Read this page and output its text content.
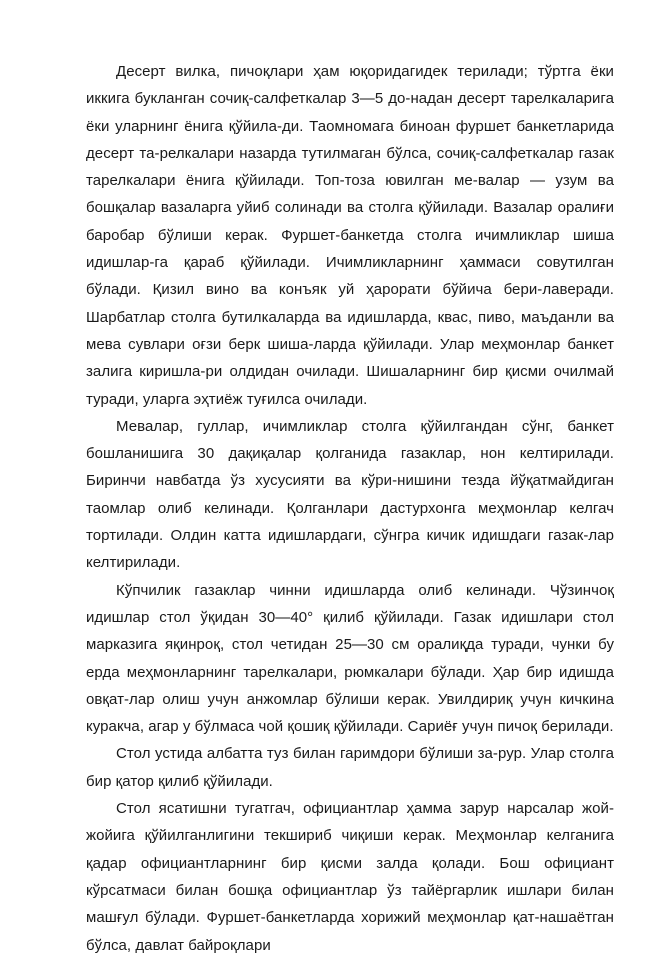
Десерт вилка, пичоқлари ҳам юқоридагидек терилади; тўртга ёки иккига букланган сочиқ-салфеткалар 3—5 до-надан десерт тарелкаларига ёки уларнинг ёнига қўйила-ди. Таомномага биноан фуршет банкетларида десерт та-релкалари назарда тутилмаган бўлса, сочиқ-салфеткалар газак тарелкалари ёнига қўйилади. Топ-тоза ювилган ме-валар — узум ва бошқалар вазаларга уйиб солинади ва столга қўйилади. Вазалар оралиғи баробар бўлиши керак. Фуршет-банкетда столга ичимликлар шиша идишлар-га қараб қўйилади. Ичимликларнинг ҳаммаси совутилган бўлади. Қизил вино ва конъяк уй ҳарорати бўйича бери-лаверади. Шарбатлар столга бутилкаларда ва идишларда, квас, пиво, маъданли ва мева сувлари оғзи берк шиша-ларда қўйилади. Улар меҳмонлар банкет залига киришла-ри олдидан очилади. Шишаларнинг бир қисми очилмай туради, уларга эҳтиёж туғилса очилади.

Мевалар, гуллар, ичимликлар столга қўйилгандан сўнг, банкет бошланишига 30 дақиқалар қолганида газаклар, нон келтирилади. Биринчи навбатда ўз хусусияти ва кўри-нишини тезда йўқатмайдиган таомлар олиб келинади. Қолганлари дастурхонга меҳмонлар келгач тортилади. Олдин катта идишлардаги, сўнгра кичик идишдаги газак-лар келтирилади.

Кўпчилик газаклар чинни идишларда олиб келинади. Чўзинчоқ идишлар стол ўқидан 30—40° қилиб қўйилади. Газак идишлари стол марказига яқинроқ, стол четидан 25—30 см оралиқда туради, чунки бу ерда меҳмонларнинг тарелкалари, рюмкалари бўлади. Ҳар бир идишда овқат-лар олиш учун анжомлар бўлиши керак. Увилдириқ учун кичкина куракча, агар у бўлмаса чой қошиқ қўйилади. Сариёғ учун пичоқ берилади.

Стол устида албатта туз билан гаримдори бўлиши за-рур. Улар столга бир қатор қилиб қўйилади.

Стол ясатишни тугатгач, официантлар ҳамма зарур нарсалар жой-жойига қўйилганлигини текшириб чиқиши керак. Меҳмонлар келганига қадар официантларнинг бир қисми залда қолади. Бош официант кўрсатмаси билан бошқа официантлар ўз тайёргарлик ишлари билан машғул бўлади. Фуршет-банкетларда хорижий меҳмонлар қат-нашаётган бўлса, давлат байроқлари
